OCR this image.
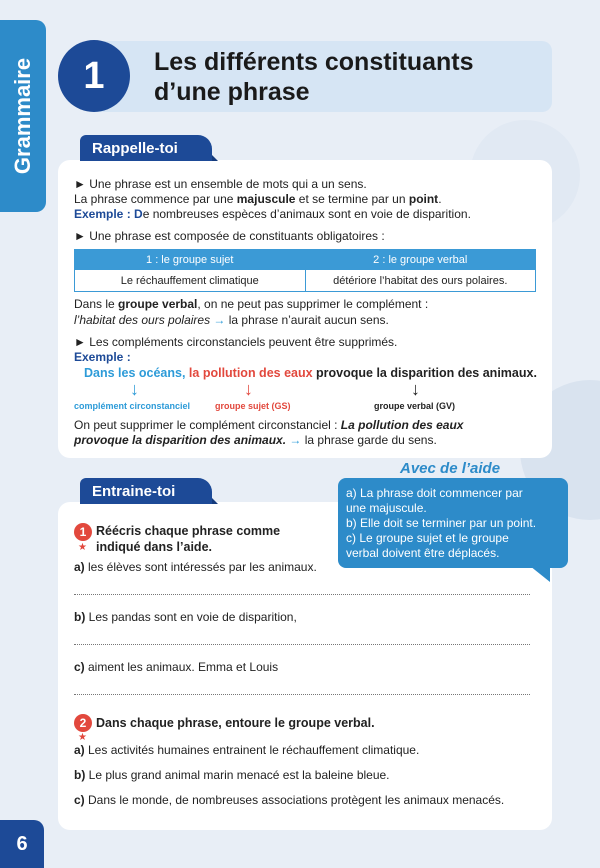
Grammaire	Les différents constituants
d’une phrase
1
Rappelle-toi
► Une phrase est un ensemble de mots qui a un sens.
La phrase commence par une majuscule et se termine par un point.
Exemple : De nombreuses espèces d’animaux sont en voie de disparition.
► Une phrase est composée de constituants obligatoires :
1 : le groupe sujet	2 : le groupe verbal
Le réchauffement climatique	détériore l’habitat des ours polaires.
Dans le groupe verbal, on ne peut pas supprimer le complément :
l’habitat des ours polaires → la phrase n’aurait aucun sens.
► Les compléments circonstanciels peuvent être supprimés.
Exemple :
Dans les océans, la pollution des eaux provoque la disparition des animaux.
↓	↓	↓
complément circonstanciel	groupe sujet (GS)	groupe verbal (GV)
On peut supprimer le complément circonstanciel : La pollution des eaux
provoque la disparition des animaux. → la phrase garde du sens.
Entraine-toi
Avec de l’aide
a) La phrase doit commencer par
une majuscule.
b) Elle doit se terminer par un point.
c) Le groupe sujet et le groupe
verbal doivent être déplacés.
1
★
Réécris chaque phrase comme
indiqué dans l’aide.
a) les élèves sont intéressés par les animaux.
b) Les pandas sont en voie de disparition,
c) aiment les animaux. Emma et Louis
2
★
Dans chaque phrase, entoure le groupe verbal.
a) Les activités humaines entrainent le réchauffement climatique.
b) Le plus grand animal marin menacé est la baleine bleue.
c) Dans le monde, de nombreuses associations protègent les animaux menacés.
6
